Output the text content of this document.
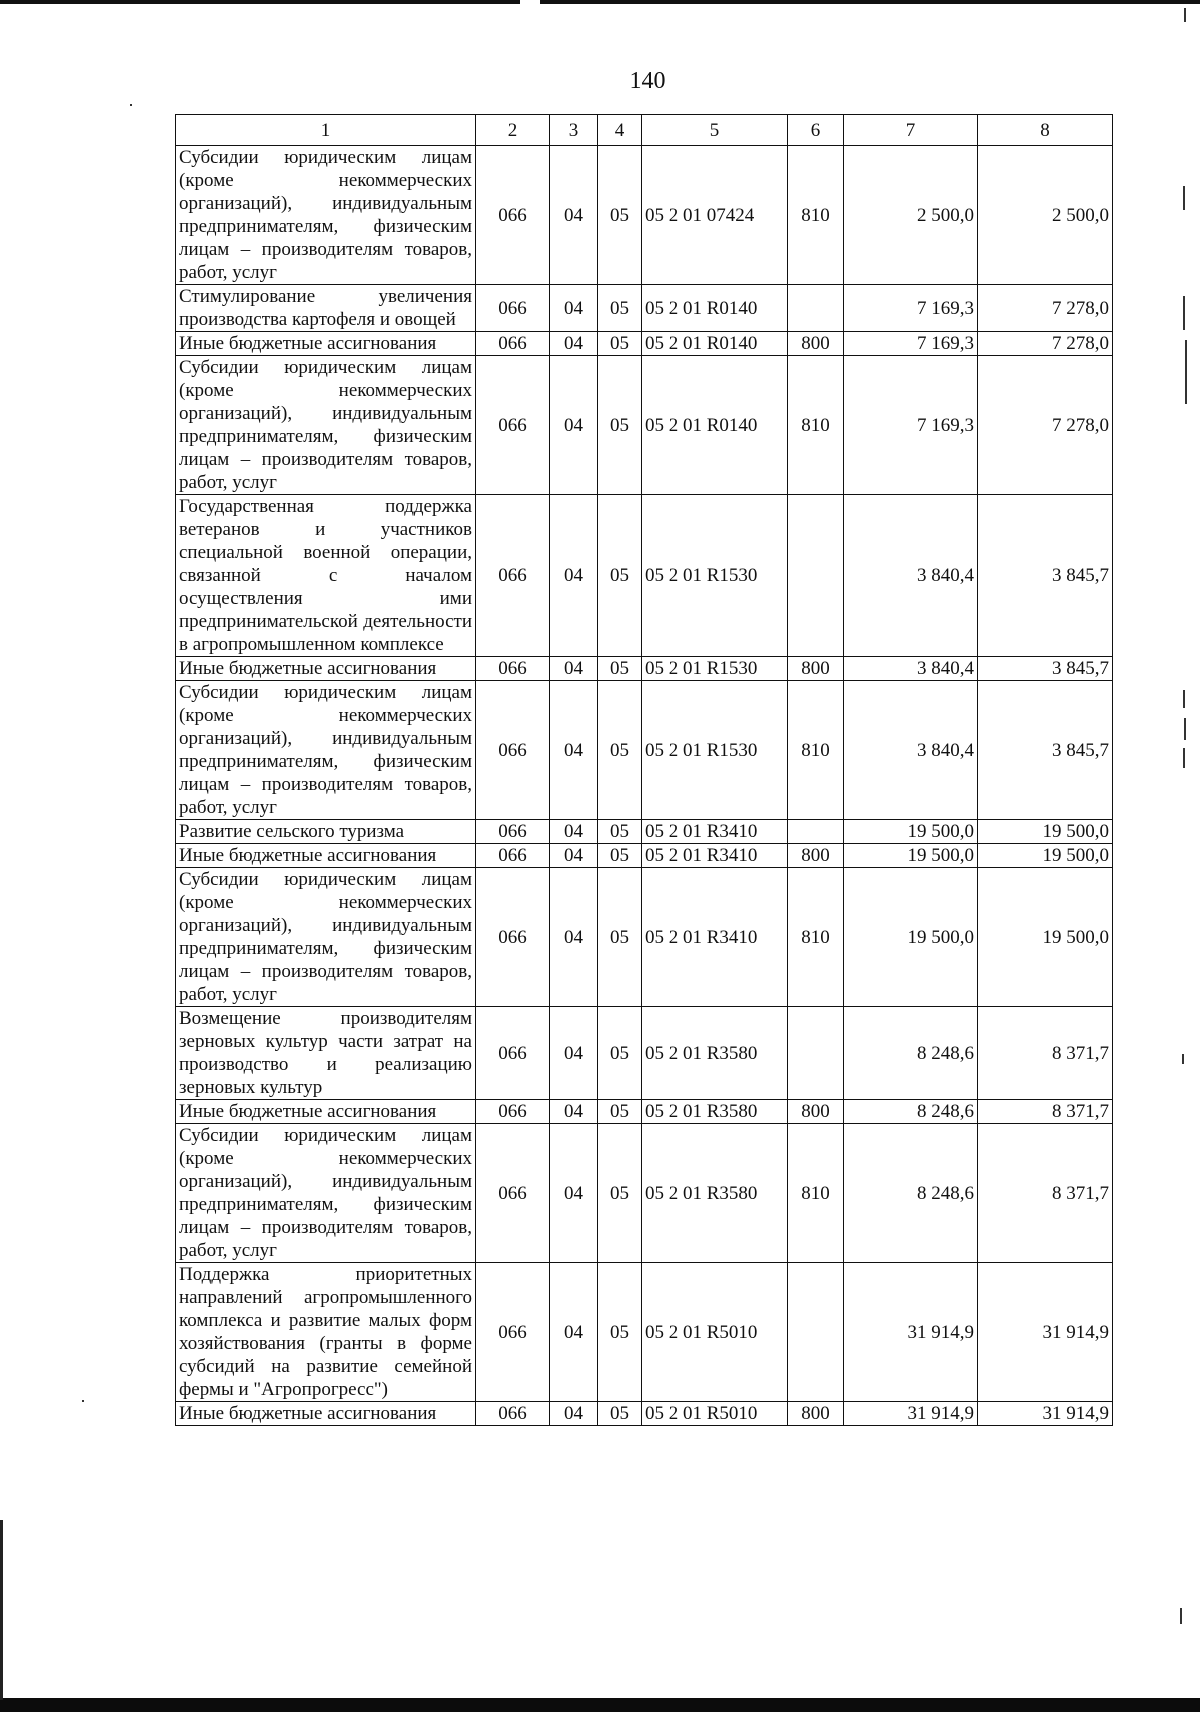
140
1	2	3	4	5	6	7	8
Субсидии юридическим лицам (кроме некоммерческих организаций), индивидуальным предпринимателям, физическим лицам – производителям товаров, работ, услуг	066	04	05	05 2 01 07424	810	2 500,0	2 500,0
Стимулирование увеличения производства картофеля и овощей	066	04	05	05 2 01 R0140		7 169,3	7 278,0
Иные бюджетные ассигнования	066	04	05	05 2 01 R0140	800	7 169,3	7 278,0
Субсидии юридическим лицам (кроме некоммерческих организаций), индивидуальным предпринимателям, физическим лицам – производителям товаров, работ, услуг	066	04	05	05 2 01 R0140	810	7 169,3	7 278,0
Государственная поддержка ветеранов и участников специальной военной операции, связанной с началом осуществления ими предпринимательской деятельности в агропромышленном комплексе	066	04	05	05 2 01 R1530		3 840,4	3 845,7
Иные бюджетные ассигнования	066	04	05	05 2 01 R1530	800	3 840,4	3 845,7
Субсидии юридическим лицам (кроме некоммерческих организаций), индивидуальным предпринимателям, физическим лицам – производителям товаров, работ, услуг	066	04	05	05 2 01 R1530	810	3 840,4	3 845,7
Развитие сельского туризма	066	04	05	05 2 01 R3410		19 500,0	19 500,0
Иные бюджетные ассигнования	066	04	05	05 2 01 R3410	800	19 500,0	19 500,0
Субсидии юридическим лицам (кроме некоммерческих организаций), индивидуальным предпринимателям, физическим лицам – производителям товаров, работ, услуг	066	04	05	05 2 01 R3410	810	19 500,0	19 500,0
Возмещение производителям зерновых культур части затрат на производство и реализацию зерновых культур	066	04	05	05 2 01 R3580		8 248,6	8 371,7
Иные бюджетные ассигнования	066	04	05	05 2 01 R3580	800	8 248,6	8 371,7
Субсидии юридическим лицам (кроме некоммерческих организаций), индивидуальным предпринимателям, физическим лицам – производителям товаров, работ, услуг	066	04	05	05 2 01 R3580	810	8 248,6	8 371,7
Поддержка приоритетных направлений агропромышленного комплекса и развитие малых форм хозяйствования (гранты в форме субсидий на развитие семейной фермы и "Агропрогресс")	066	04	05	05 2 01 R5010		31 914,9	31 914,9
Иные бюджетные ассигнования	066	04	05	05 2 01 R5010	800	31 914,9	31 914,9
